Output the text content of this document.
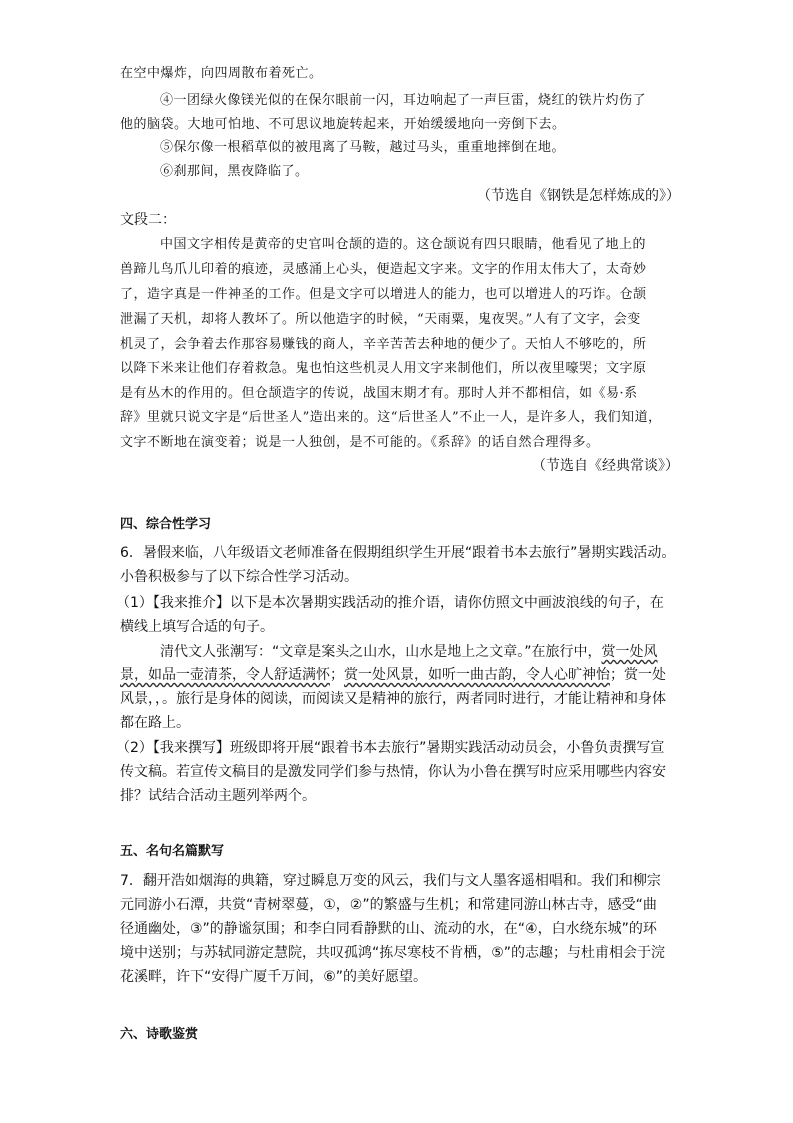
在空中爆炸，向四周散布着死亡。
④一团绿火像镁光似的在保尔眼前一闪，耳边响起了一声巨雷，烧红的铁片灼伤了
他的脑袋。大地可怕地、不可思议地旋转起来，开始缓缓地向一旁倒下去。
⑤保尔像一根稻草似的被甩离了马鞍，越过马头，重重地摔倒在地。
⑥刹那间，黑夜降临了。
（节选自《钢铁是怎样炼成的》）
文段二：
中国文字相传是黄帝的史官叫仓颉的造的。这仓颉说有四只眼睛，他看见了地上的
兽蹄儿鸟爪儿印着的痕迹，灵感涌上心头，便造起文字来。文字的作用太伟大了，太奇妙
了，造字真是一件神圣的工作。但是文字可以增进人的能力，也可以增进人的巧诈。仓颉
泄漏了天机，却将人教坏了。所以他造字的时候，“天雨粟，鬼夜哭。”人有了文字，会变
机灵了，会争着去作那容易赚钱的商人，辛辛苦苦去种地的便少了。天怕人不够吃的，所
以降下米来让他们存着救急。鬼也怕这些机灵人用文字来制他们，所以夜里嚎哭；文字原
是有丛木的作用的。但仓颉造字的传说，战国末期才有。那时人并不都相信，如《易·系
辞》里就只说文字是“后世圣人”造出来的。这“后世圣人”不止一人，是许多人，我们知道，
文字不断地在演变着；说是一人独创，是不可能的。《系辞》的话自然合理得多。
（节选自《经典常谈》）
四、综合性学习
6．暑假来临，八年级语文老师准备在假期组织学生开展“跟着书本去旅行”暑期实践活动。
小鲁积极参与了以下综合性学习活动。
（1）【我来推介】以下是本次暑期实践活动的推介语，请你仿照文中画波浪线的句子，在
横线上填写合适的句子。
清代文人张潮写：“文章是案头之山水，山水是地上之文章。”在旅行中，赏一处风
景，如品一壶清茶，令人舒适满怀；赏一处风景，如听一曲古韵，令人心旷神怡；赏一处
风景，，。旅行是身体的阅读，而阅读又是精神的旅行，两者同时进行，才能让精神和身体
都在路上。
（2）【我来撰写】班级即将开展“跟着书本去旅行”暑期实践活动动员会，小鲁负责撰写宣
传文稿。若宣传文稿目的是激发同学们参与热情，你认为小鲁在撰写时应采用哪些内容安
排？试结合活动主题列举两个。
五、名句名篇默写
7．翻开浩如烟海的典籍，穿过瞬息万变的风云，我们与文人墨客遥相唱和。我们和柳宗
元同游小石潭，共赏“青树翠蔓，①，②”的繁盛与生机；和常建同游山林古寺，感受“曲
径通幽处，③”的静谧氛围；和李白同看静默的山、流动的水，在“④，白水绕东城”的环
境中送别；与苏轼同游定慧院，共叹孤鸿“拣尽寒枝不肯栖，⑤”的志趣；与杜甫相会于浣
花溪畔，许下“安得广厦千万间，⑥”的美好愿望。
六、诗歌鉴赏
